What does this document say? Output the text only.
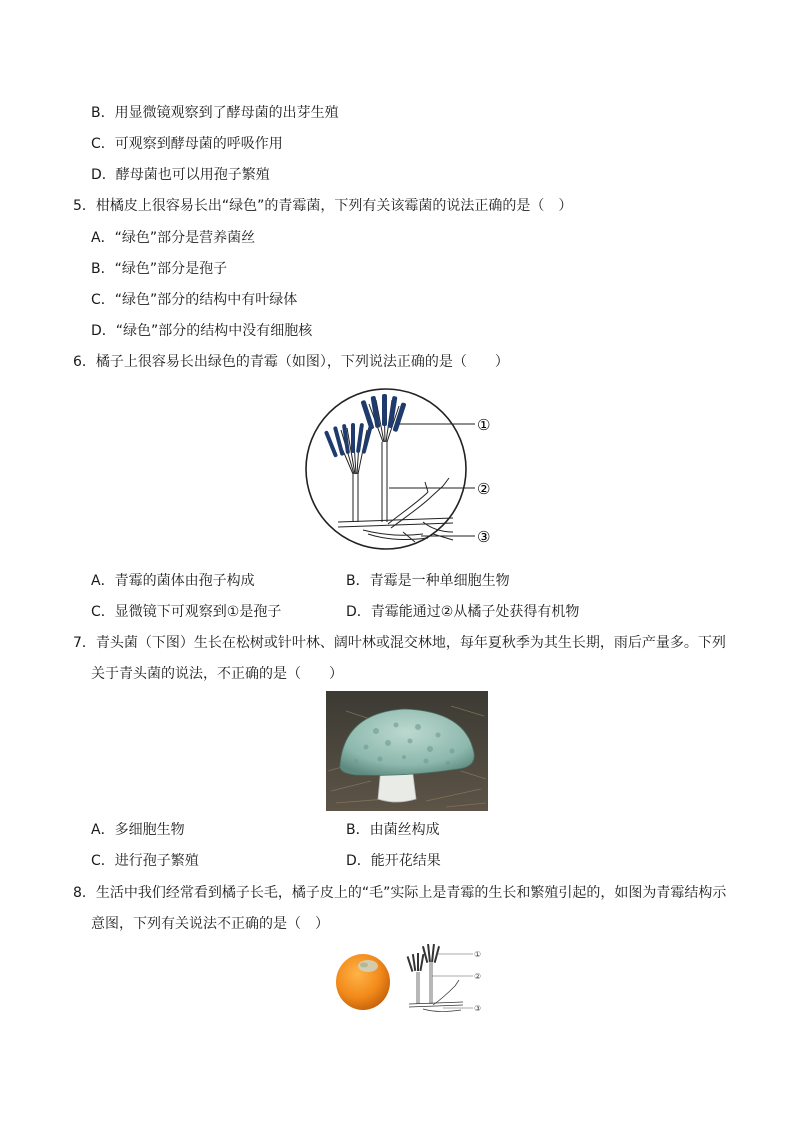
B．用显微镜观察到了酵母菌的出芽生殖
C．可观察到酵母菌的呼吸作用
D．酵母菌也可以用孢子繁殖
5．柑橘皮上很容易长出“绿色”的青霉菌，下列有关该霉菌的说法正确的是（　）
A．“绿色”部分是营养菌丝
B．“绿色”部分是孢子
C．“绿色”部分的结构中有叶绿体
D．“绿色”部分的结构中没有细胞核
6．橘子上很容易长出绿色的青霉（如图），下列说法正确的是（　　）
①
②
③
A．青霉的菌体由孢子构成	B．青霉是一种单细胞生物
C．显微镜下可观察到①是孢子	D．青霉能通过②从橘子处获得有机物
7．青头菌（下图）生长在松树或针叶林、阔叶林或混交林地，每年夏秋季为其生长期，雨后产量多。下列
关于青头菌的说法，不正确的是（　　）
A．多细胞生物	B．由菌丝构成
C．进行孢子繁殖	D．能开花结果
8．生活中我们经常看到橘子长毛，橘子皮上的“毛”实际上是青霉的生长和繁殖引起的，如图为青霉结构示
意图，下列有关说法不正确的是（　）
①
②
③
